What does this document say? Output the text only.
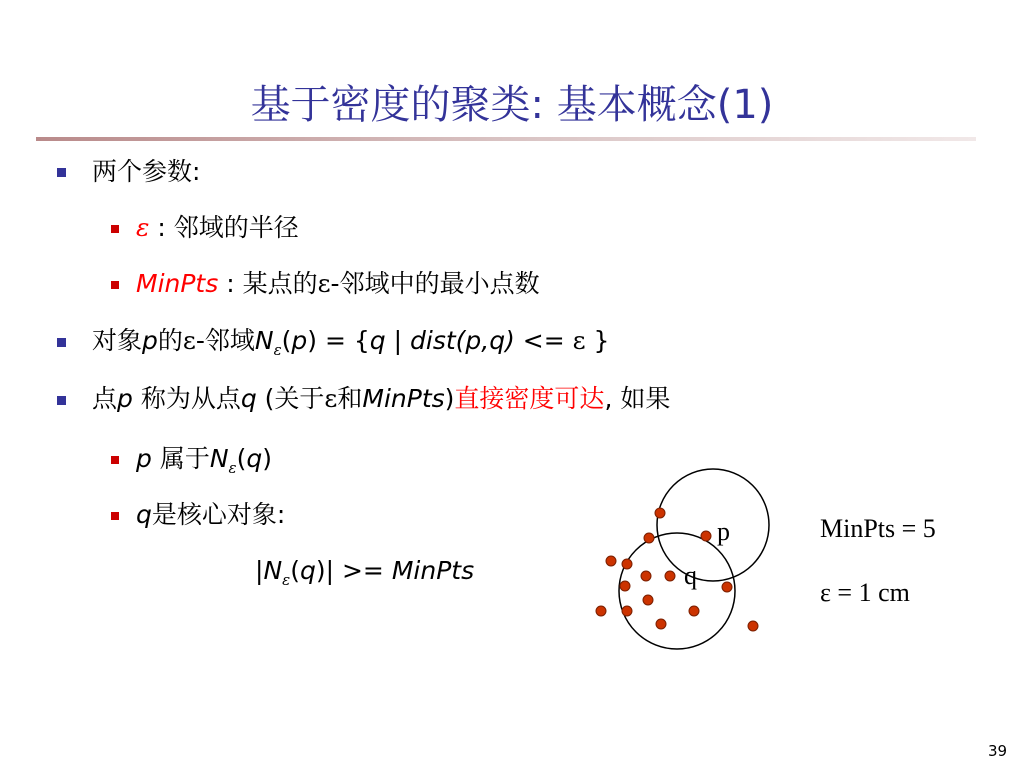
基于密度的聚类: 基本概念(1)
两个参数:
ε : 邻域的半径
MinPts : 某点的ε-邻域中的最小点数
对象p的ε-邻域$N_\varepsilon(p) = \{q$ | dist(p,q) <= ε }
点p 称为从点q (关于ε和MinPts)直接密度可达, 如果
p 属于$N_\varepsilon(q)$
q是核心对象:
$|N_\varepsilon(q)|$ >= MinPts
p
q
MinPts = 5
ε = 1 cm
39
